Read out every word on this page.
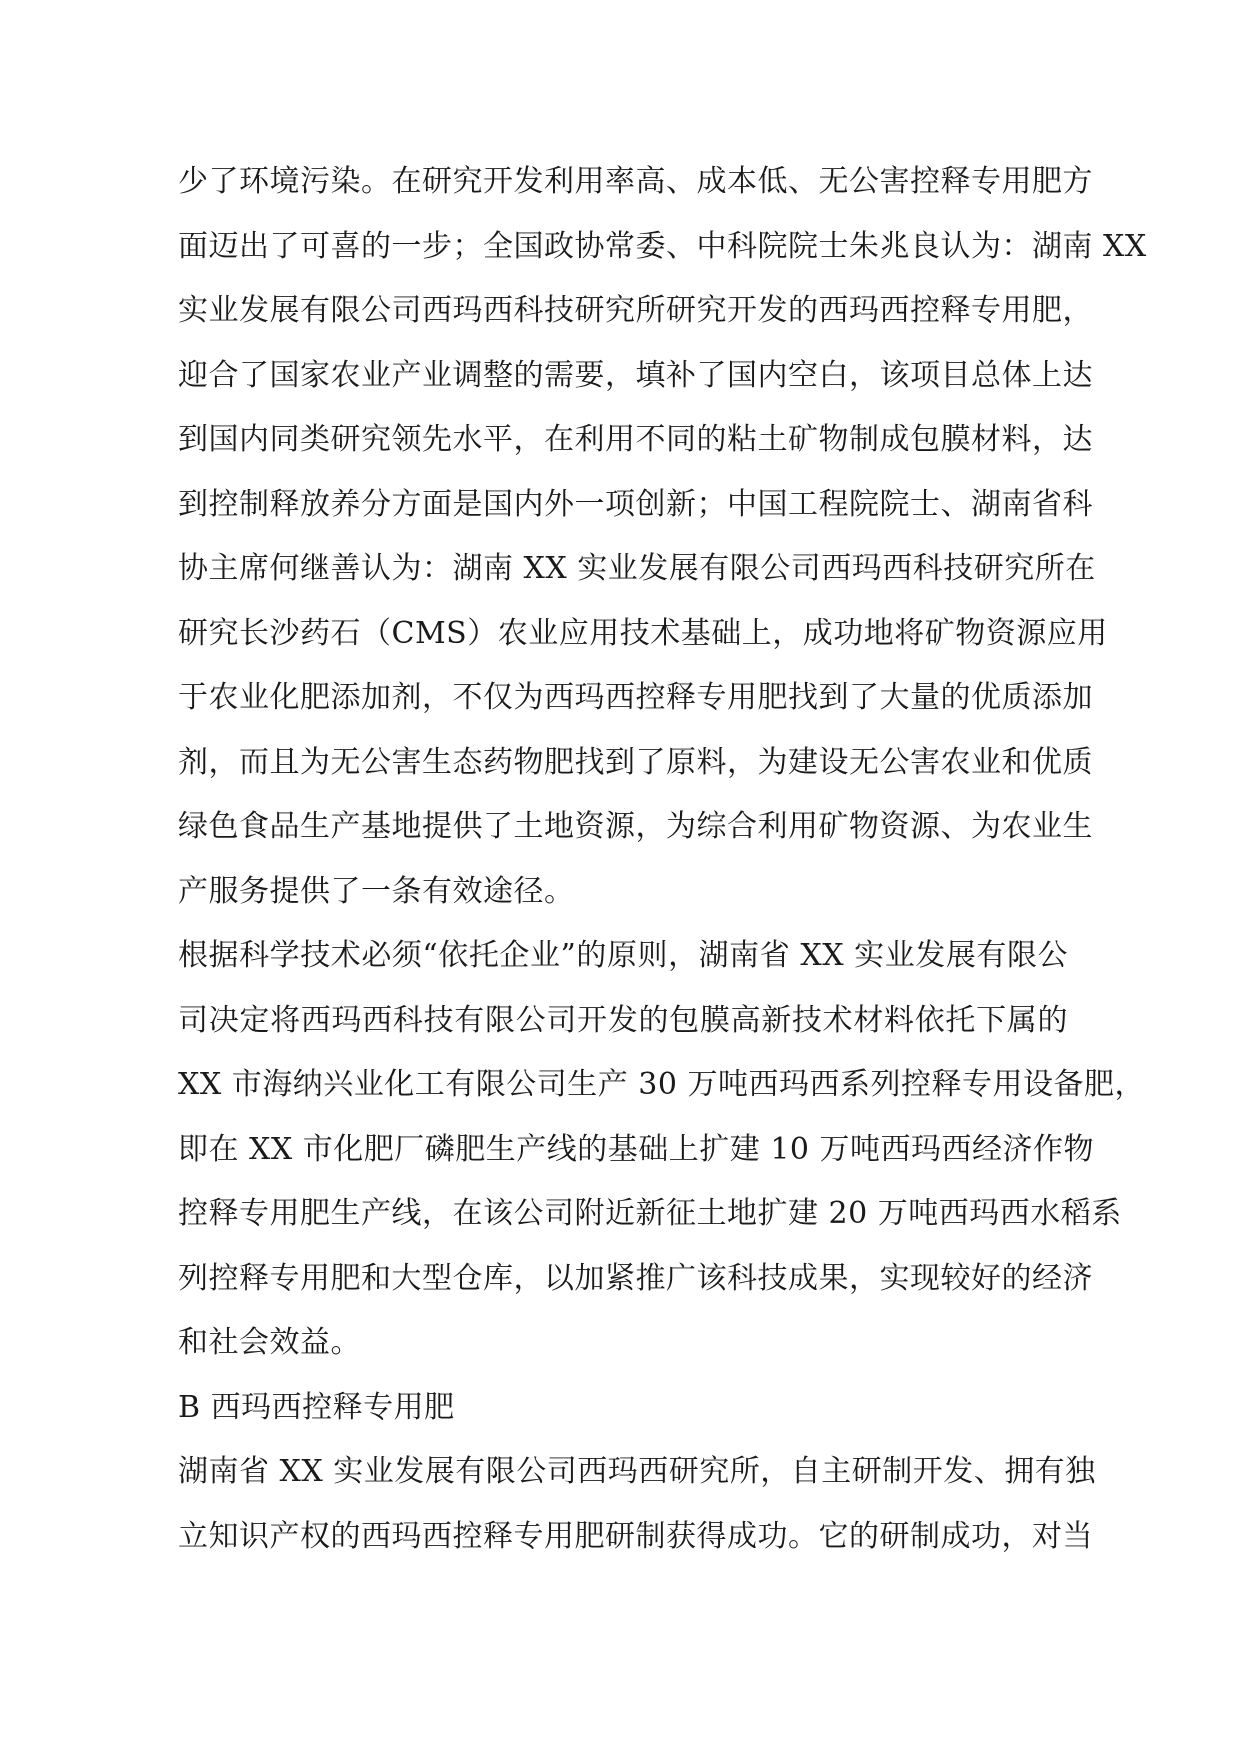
少了环境污染。在研究开发利用率高、成本低、无公害控释专用肥方
面迈出了可喜的一步；全国政协常委、中科院院士朱兆良认为：湖南 XX
实业发展有限公司西玛西科技研究所研究开发的西玛西控释专用肥，
迎合了国家农业产业调整的需要，填补了国内空白，该项目总体上达
到国内同类研究领先水平，在利用不同的粘土矿物制成包膜材料，达
到控制释放养分方面是国内外一项创新；中国工程院院士、湖南省科
协主席何继善认为：湖南 XX 实业发展有限公司西玛西科技研究所在
研究长沙药石（CMS）农业应用技术基础上，成功地将矿物资源应用
于农业化肥添加剂，不仅为西玛西控释专用肥找到了大量的优质添加
剂，而且为无公害生态药物肥找到了原料，为建设无公害农业和优质
绿色食品生产基地提供了土地资源，为综合利用矿物资源、为农业生
产服务提供了一条有效途径。
根据科学技术必须“依托企业”的原则，湖南省 XX 实业发展有限公
司决定将西玛西科技有限公司开发的包膜高新技术材料依托下属的
XX 市海纳兴业化工有限公司生产 30 万吨西玛西系列控释专用设备肥，
即在 XX 市化肥厂磷肥生产线的基础上扩建 10 万吨西玛西经济作物
控释专用肥生产线，在该公司附近新征土地扩建 20 万吨西玛西水稻系
列控释专用肥和大型仓库，以加紧推广该科技成果，实现较好的经济
和社会效益。
B 西玛西控释专用肥
湖南省 XX 实业发展有限公司西玛西研究所，自主研制开发、拥有独
立知识产权的西玛西控释专用肥研制获得成功。它的研制成功，对当
